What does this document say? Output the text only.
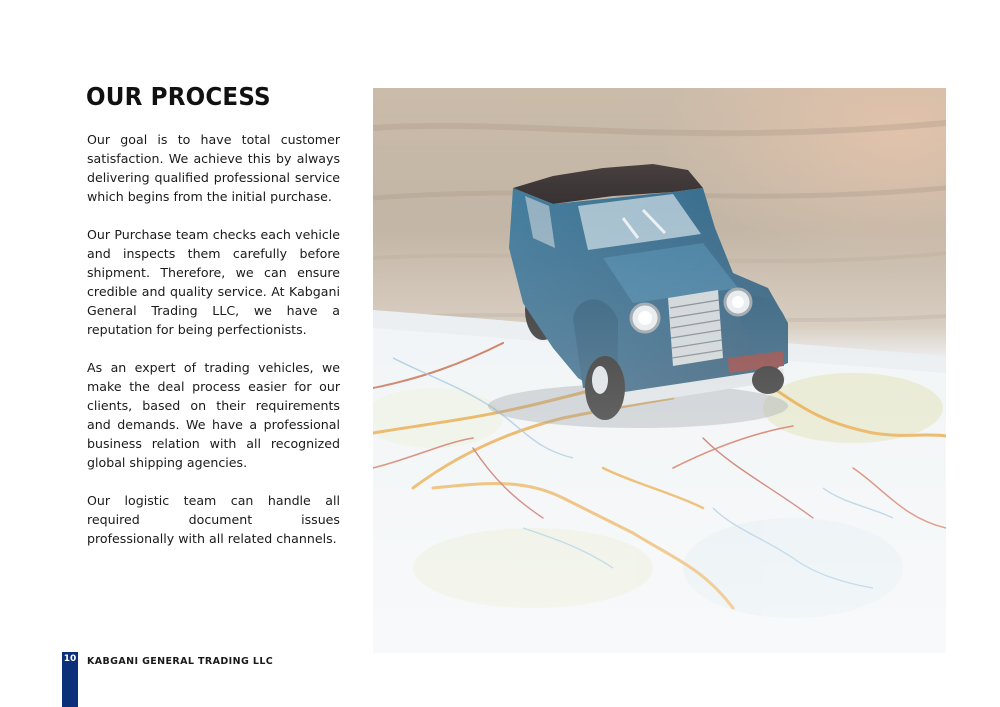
OUR PROCESS

Our goal is to have total customer satisfaction. We achieve this by always delivering qualified professional service which begins from the initial purchase.

Our Purchase team checks each vehicle and inspects them carefully before shipment. Therefore, we can ensure credible and quality service. At Kabgani General Trading LLC, we have a reputation for being perfectionists.

As an expert of trading vehicles, we make the deal process easier for our clients, based on their requirements and demands. We have a professional business relation with all recognized global shipping agencies.

Our logistic team can handle all required document issues professionally with all related channels.

10 KABGANI GENERAL TRADING LLC
